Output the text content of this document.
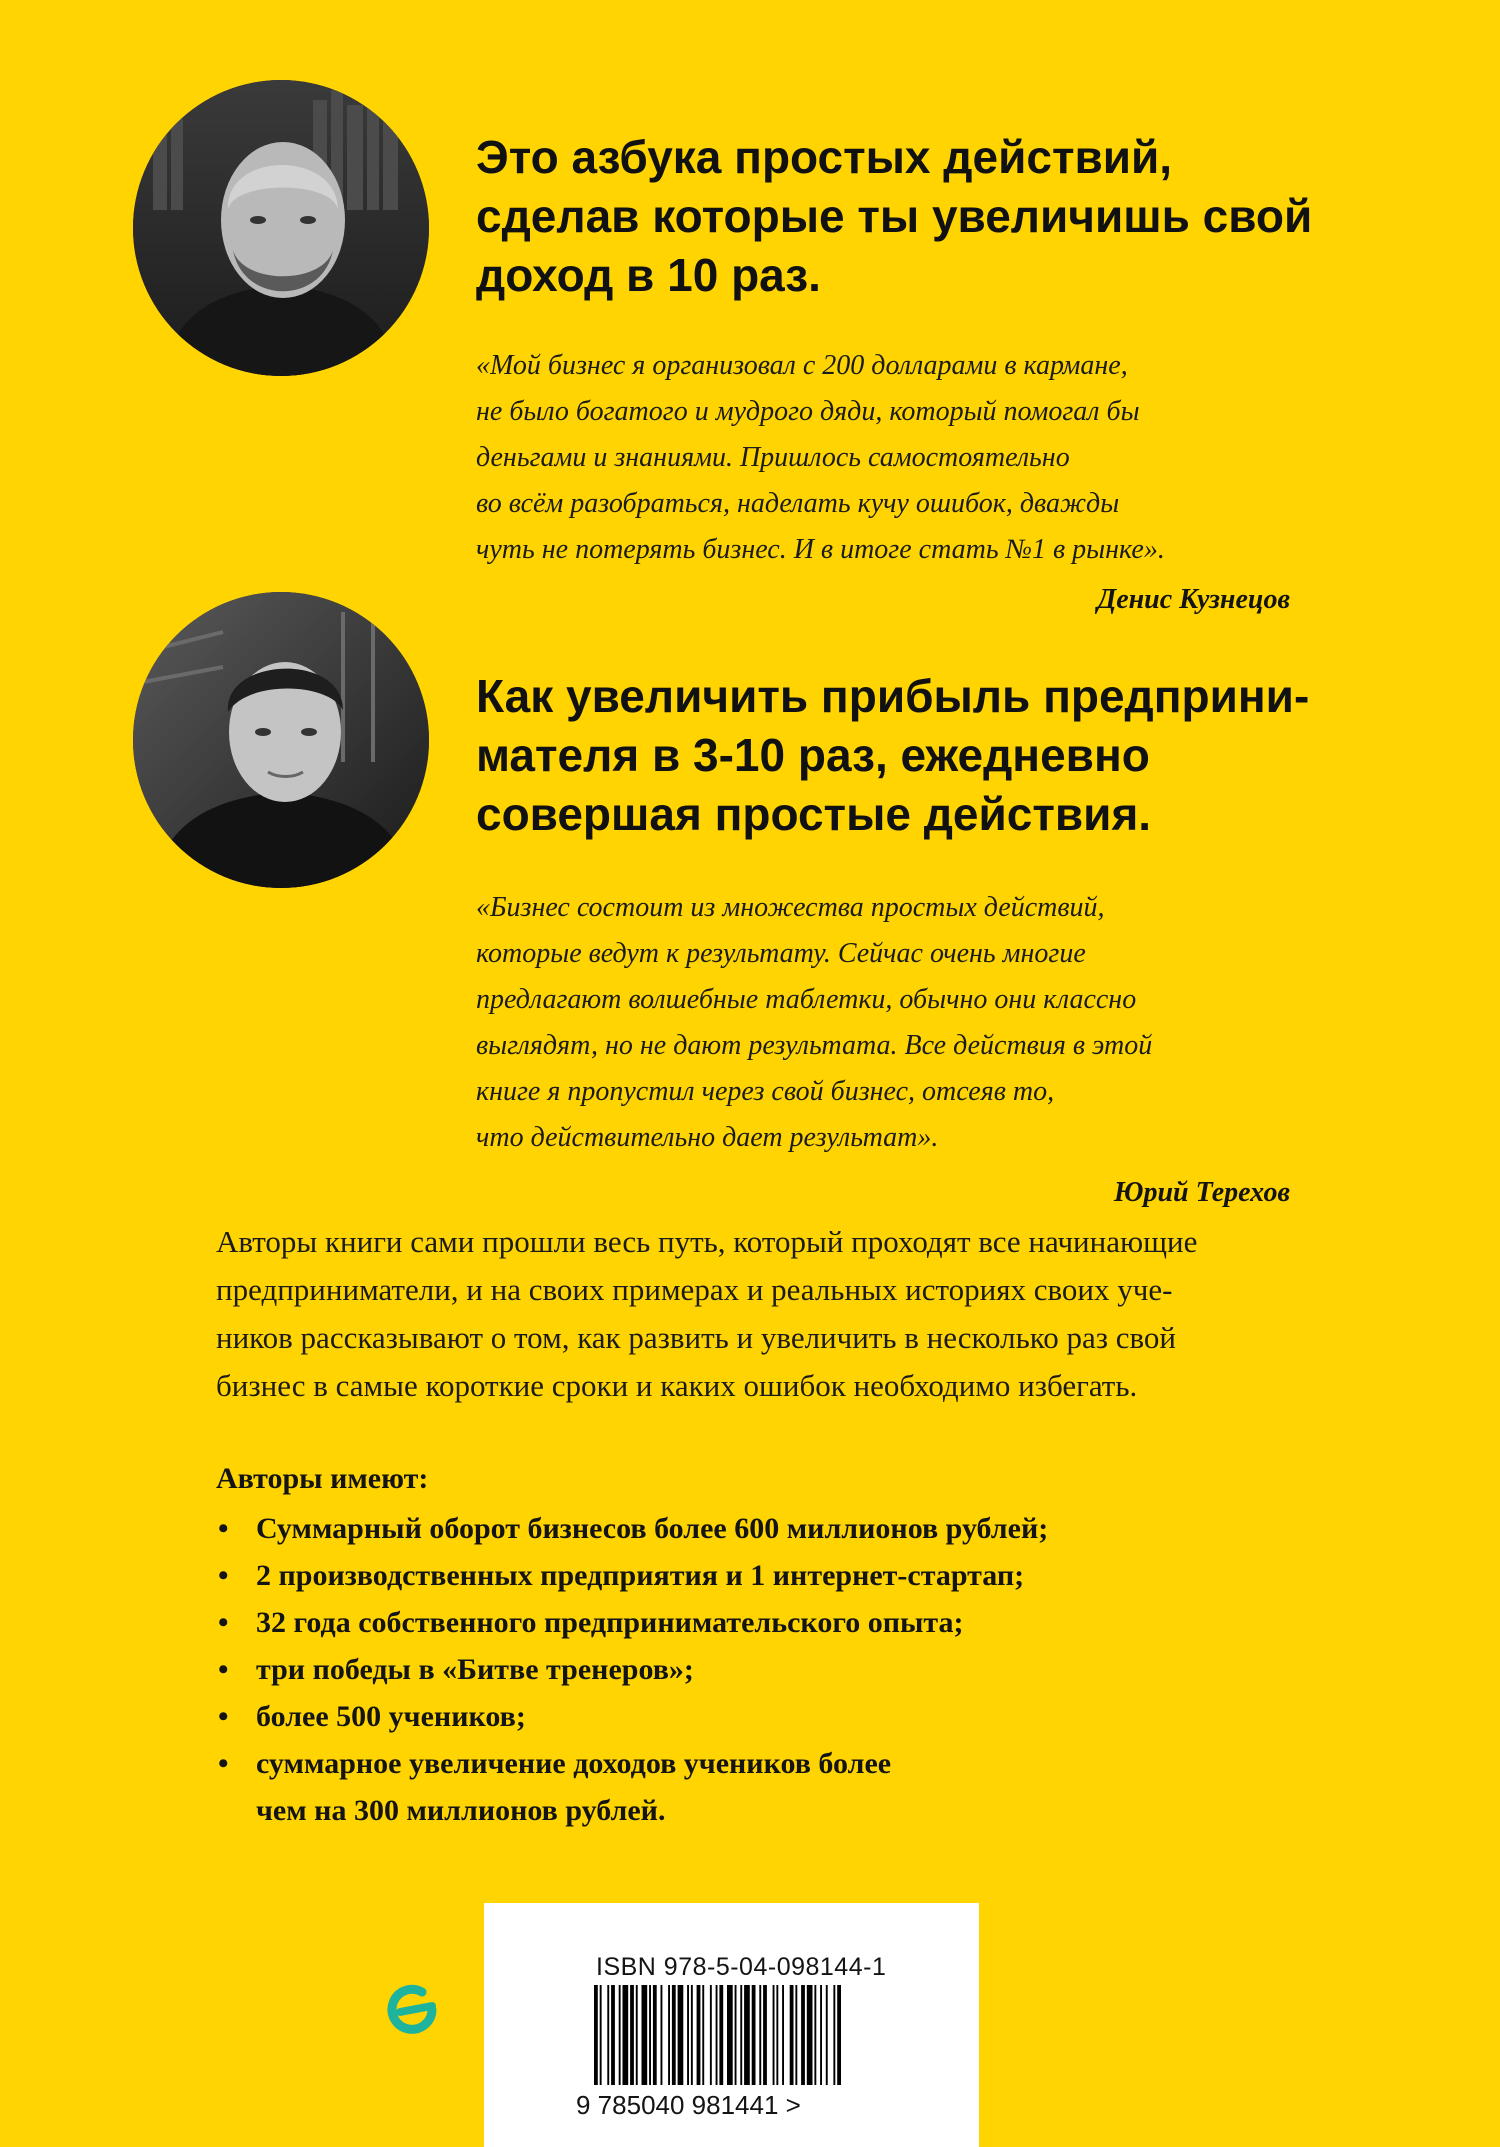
Это азбука простых действий,
сделав которые ты увеличишь свой
доход в 10 раз.
«Мой бизнес я организовал с 200 долларами в кармане,
не было богатого и мудрого дяди, который помогал бы
деньгами и знаниями. Пришлось самостоятельно
во всём разобраться, наделать кучу ошибок, дважды
чуть не потерять бизнес. И в итоге стать №1 в рынке».
Денис Кузнецов
Как увеличить прибыль предприни-
мателя в 3-10 раз, ежедневно
совершая простые действия.
«Бизнес состоит из множества простых действий,
которые ведут к результату. Сейчас очень многие
предлагают волшебные таблетки, обычно они классно
выглядят, но не дают результата. Все действия в этой
книге я пропустил через свой бизнес, отсеяв то,
что действительно дает результат».
Юрий Терехов
Авторы книги сами прошли весь путь, который проходят все начинающие
предприниматели, и на своих примерах и реальных историях своих уче-
ников рассказывают о том, как развить и увеличить в несколько раз свой
бизнес в самые короткие сроки и каких ошибок необходимо избегать.
Авторы имеют:
• Суммарный оборот бизнесов более 600 миллионов рублей;
• 2 производственных предприятия и 1 интернет-стартап;
• 32 года собственного предпринимательского опыта;
• три победы в «Битве тренеров»;
• более 500 учеников;
• суммарное увеличение доходов учеников более
чем на 300 миллионов рублей.
ISBN 978-5-04-098144-1
9 785040 981441 >
